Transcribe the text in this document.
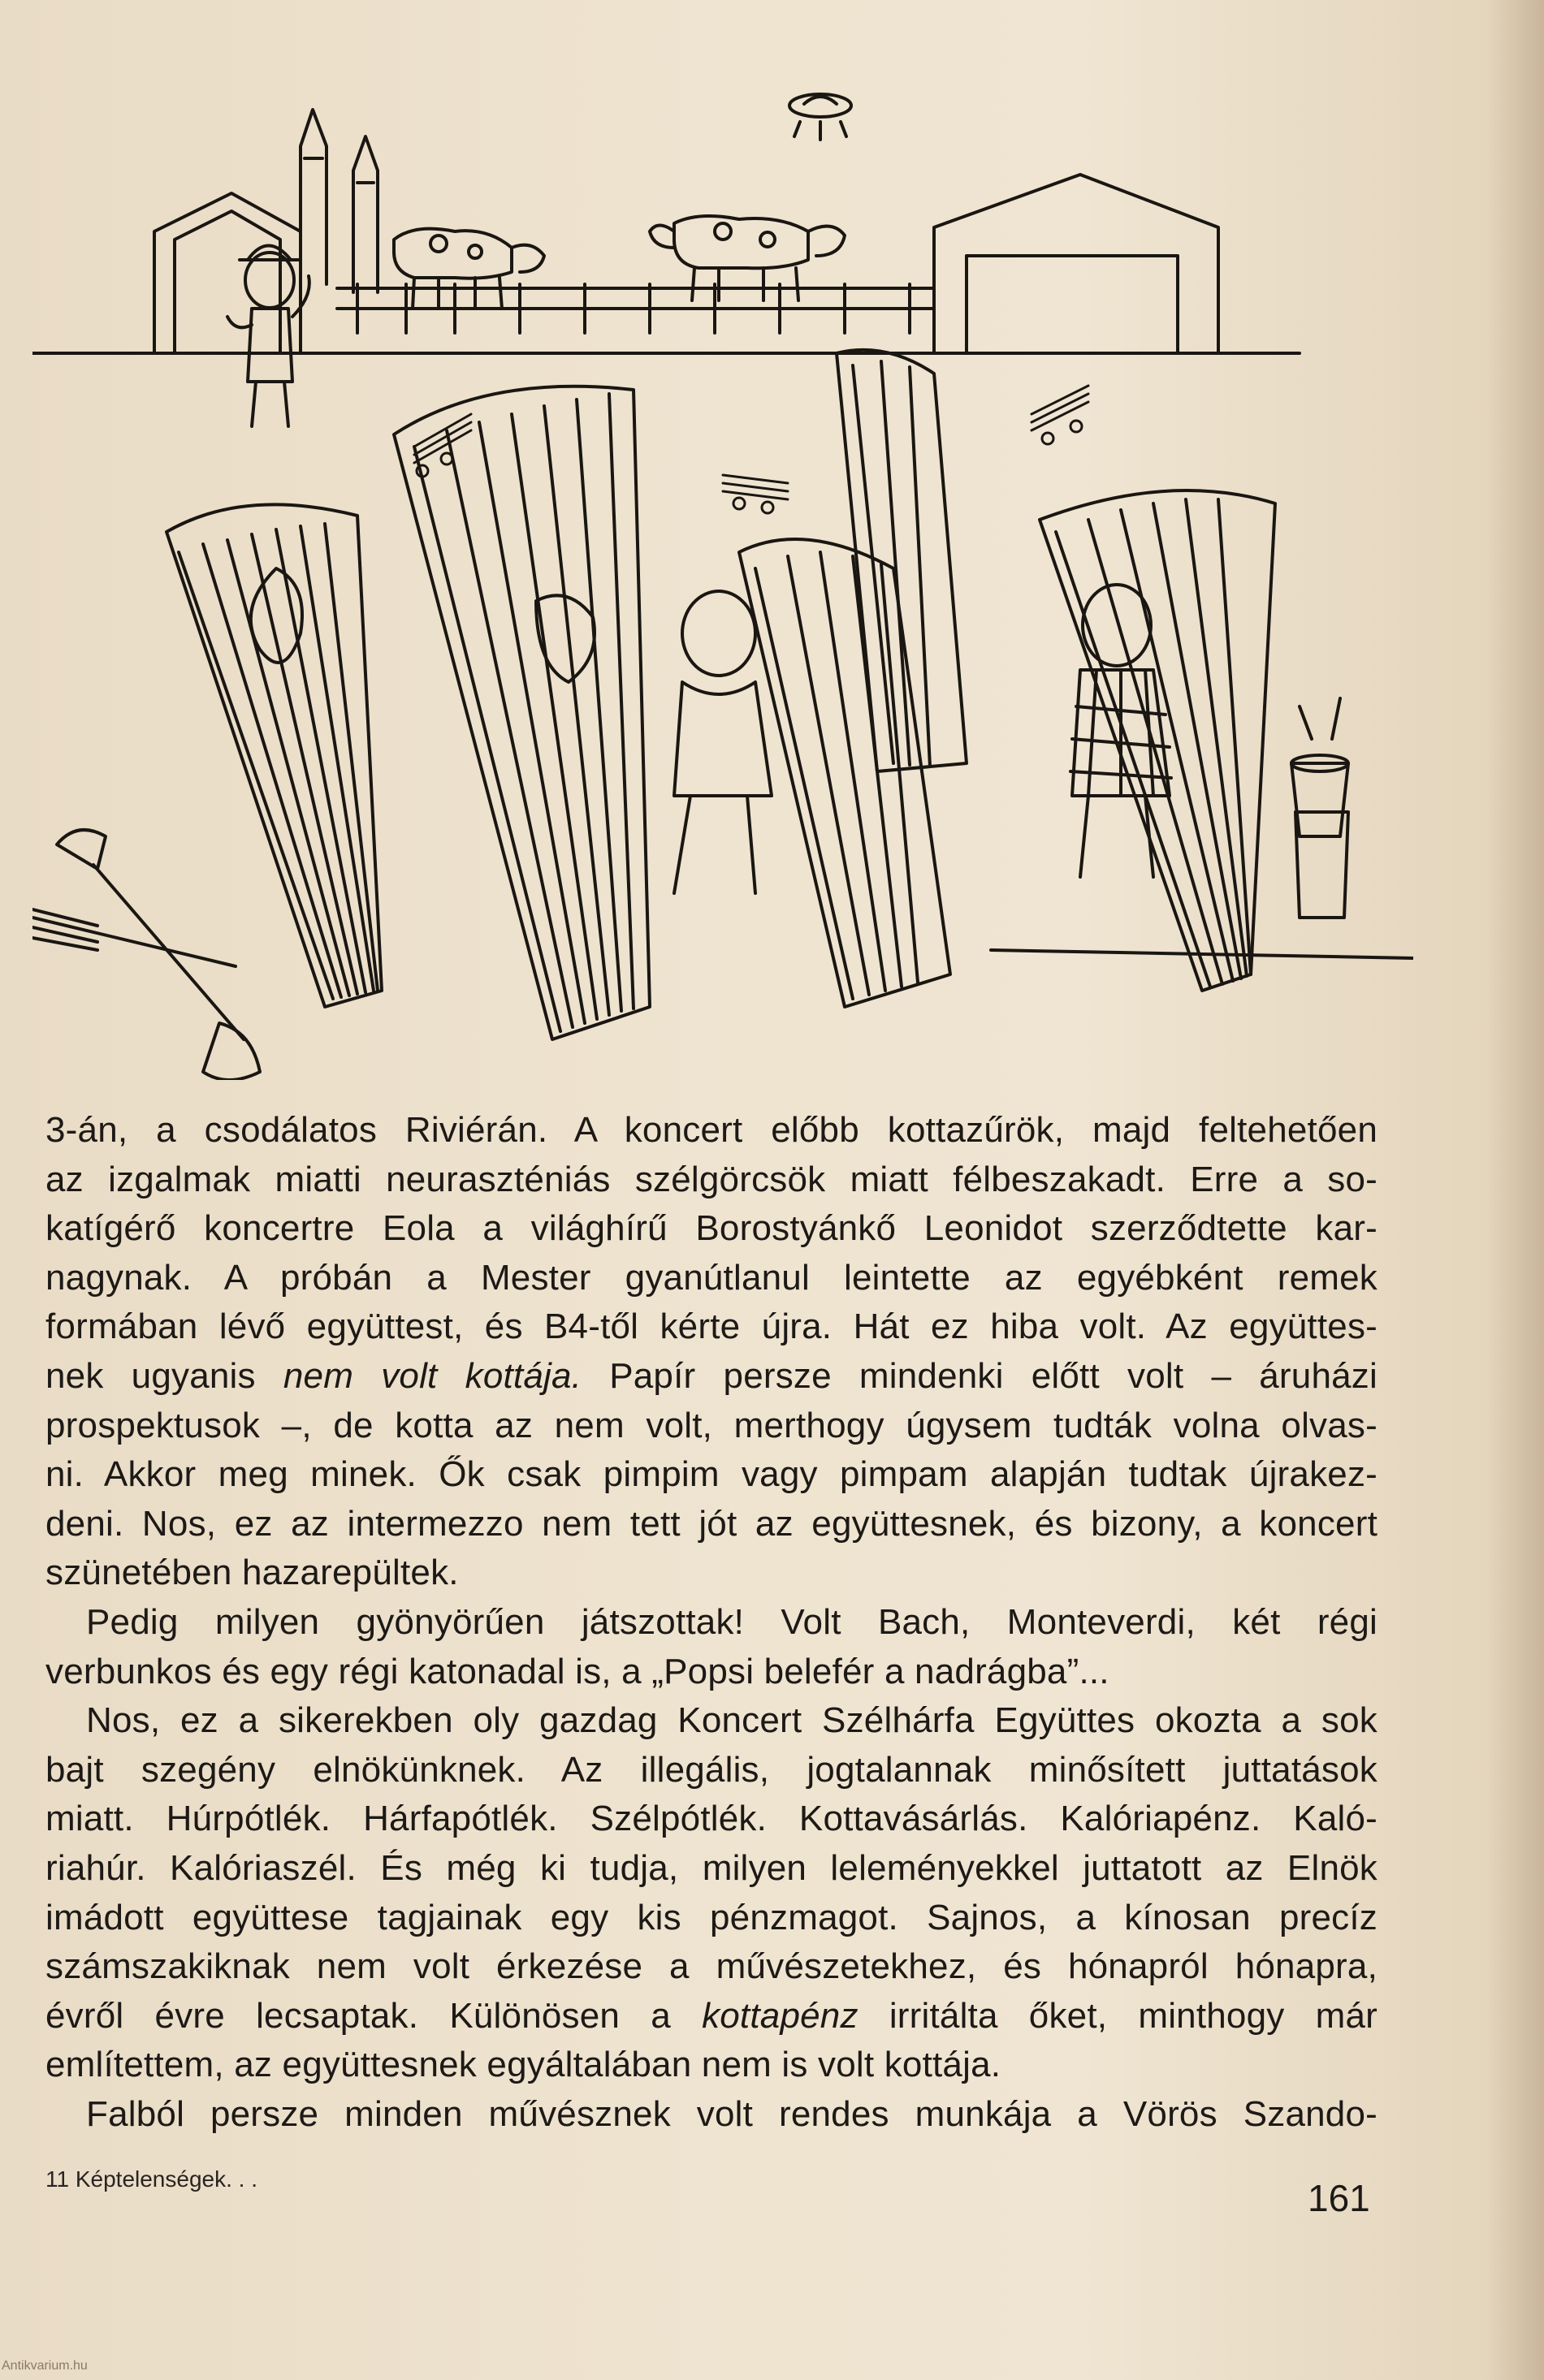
3-án, a csodálatos Riviérán. A koncert előbb kottazűrök, majd feltehetően

az izgalmak miatti neuraszténiás szélgörcsök miatt félbeszakadt. Erre a so-

katígérő koncertre Eola a világhírű Borostyánkő Leonidot szerződtette kar-

nagynak. A próbán a Mester gyanútlanul leintette az egyébként remek

formában lévő együttest, és B4-től kérte újra. Hát ez hiba volt. Az együttes-

nek ugyanis nem volt kottája. Papír persze mindenki előtt volt – áruházi

prospektusok –, de kotta az nem volt, merthogy úgysem tudták volna olvas-

ni. Akkor meg minek. Ők csak pimpim vagy pimpam alapján tudtak újrakez-

deni. Nos, ez az intermezzo nem tett jót az együttesnek, és bizony, a koncert

szünetében hazarepültek.

Pedig milyen gyönyörűen játszottak! Volt Bach, Monteverdi, két régi

verbunkos és egy régi katonadal is, a „Popsi belefér a nadrágba”...

Nos, ez a sikerekben oly gazdag Koncert Szélhárfa Együttes okozta a sok

bajt szegény elnökünknek. Az illegális, jogtalannak minősített juttatások

miatt. Húrpótlék. Hárfapótlék. Szélpótlék. Kottavásárlás. Kalóriapénz. Kaló-

riahúr. Kalóriaszél. És még ki tudja, milyen leleményekkel juttatott az Elnök

imádott együttese tagjainak egy kis pénzmagot. Sajnos, a kínosan precíz

számszakiknak nem volt érkezése a művészetekhez, és hónapról hónapra,

évről évre lecsaptak. Különösen a kottapénz irritálta őket, minthogy már

említettem, az együttesnek egyáltalában nem is volt kottája.

Falból persze minden művésznek volt rendes munkája a Vörös Szando-

11 Képtelenségek. . .	161
Antikvarium.hu
